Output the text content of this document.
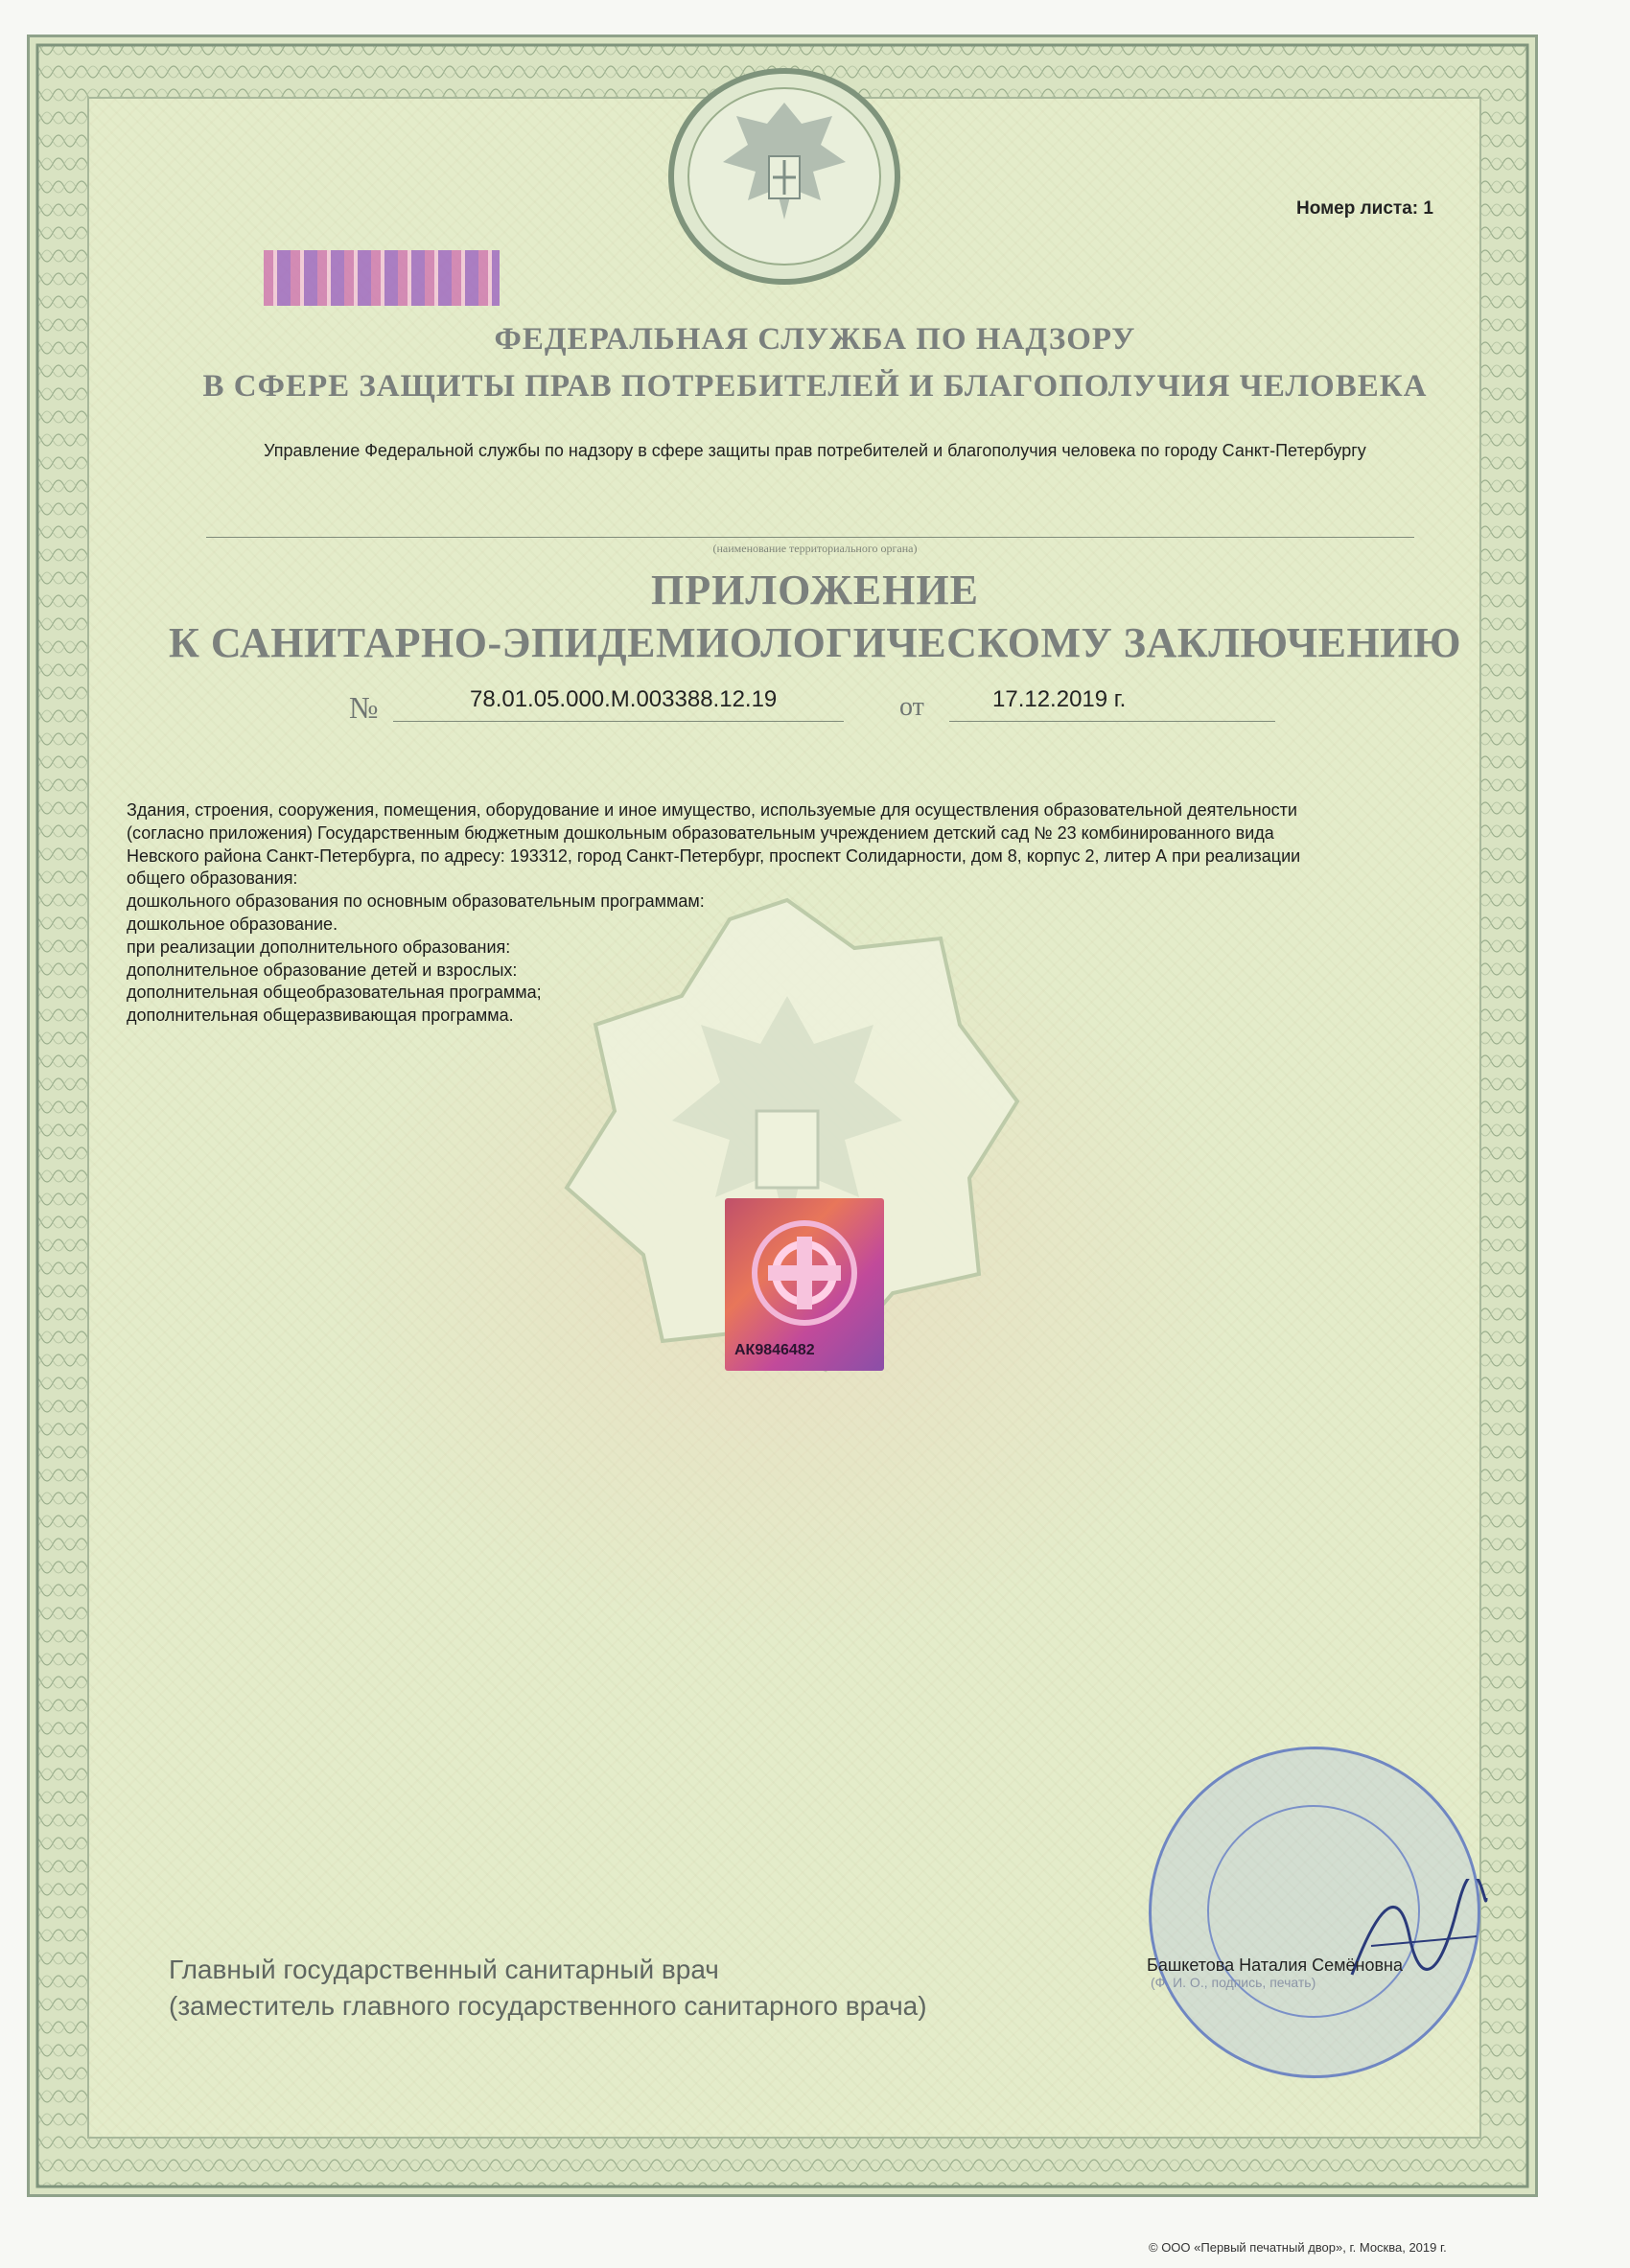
Номер листа: 1
ФЕДЕРАЛЬНАЯ СЛУЖБА ПО НАДЗОРУ
В СФЕРЕ ЗАЩИТЫ ПРАВ ПОТРЕБИТЕЛЕЙ И БЛАГОПОЛУЧИЯ ЧЕЛОВЕКА
Управление Федеральной службы по надзору в сфере защиты прав потребителей и благополучия человека по городу Санкт-Петербургу
(наименование территориального органа)
ПРИЛОЖЕНИЕ
К САНИТАРНО-ЭПИДЕМИОЛОГИЧЕСКОМУ ЗАКЛЮЧЕНИЮ
№	78.01.05.000.М.003388.12.19	от	17.12.2019 г.
Здания, строения, сооружения, помещения, оборудование и иное имущество, используемые для осуществления образовательной деятельности
(согласно приложения) Государственным бюджетным дошкольным образовательным учреждением детский сад № 23 комбинированного вида
Невского района Санкт-Петербурга, по адресу: 193312, город Санкт-Петербург, проспект Солидарности, дом 8, корпус 2, литер А при реализации
общего образования:
дошкольного образования по основным образовательным программам:
дошкольное образование.
при реализации дополнительного образования:
дополнительное образование детей и взрослых:
дополнительная общеобразовательная программа;
дополнительная общеразвивающая программа.
АК9846482
Главный государственный санитарный врач
(заместитель главного государственного санитарного врача)
Башкетова Наталия Семёновна
(Ф. И. О., подпись, печать)
© ООО «Первый печатный двор», г. Москва, 2019 г.
